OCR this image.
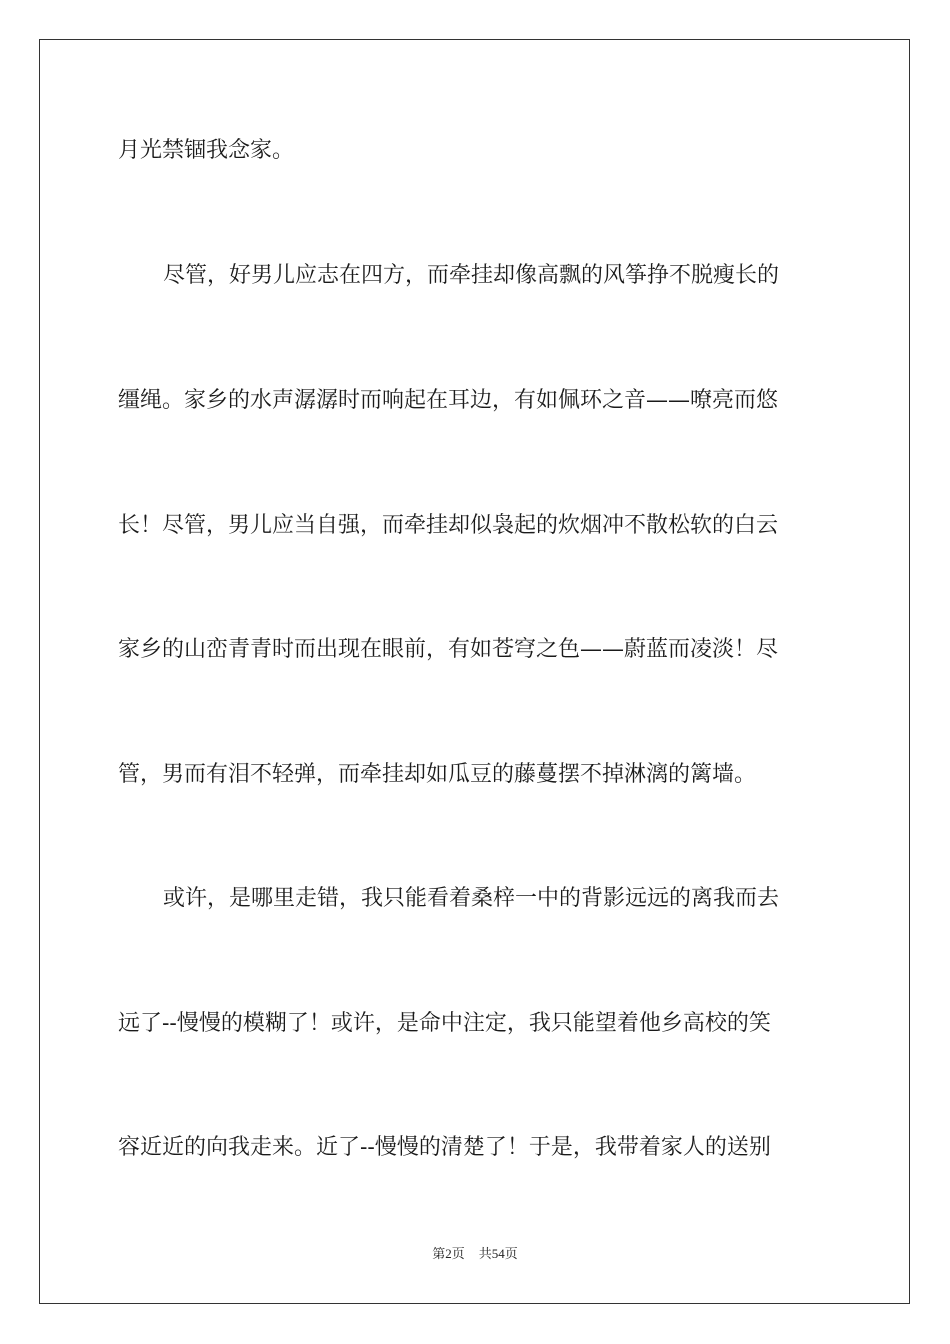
月光禁锢我念家。
尽管，好男儿应志在四方，而牵挂却像高飘的风筝挣不脱瘦长的
缰绳。家乡的水声潺潺时而响起在耳边，有如佩环之音——嘹亮而悠
长！尽管，男儿应当自强，而牵挂却似袅起的炊烟冲不散松软的白云
家乡的山峦青青时而出现在眼前，有如苍穹之色——蔚蓝而凌淡！尽
管，男而有泪不轻弹，而牵挂却如瓜豆的藤蔓摆不掉淋漓的篱墙。
或许，是哪里走错，我只能看着桑梓一中的背影远远的离我而去
远了--慢慢的模糊了！或许，是命中注定，我只能望着他乡高校的笑
容近近的向我走来。近了--慢慢的清楚了！于是，我带着家人的送别
第2页 共54页
